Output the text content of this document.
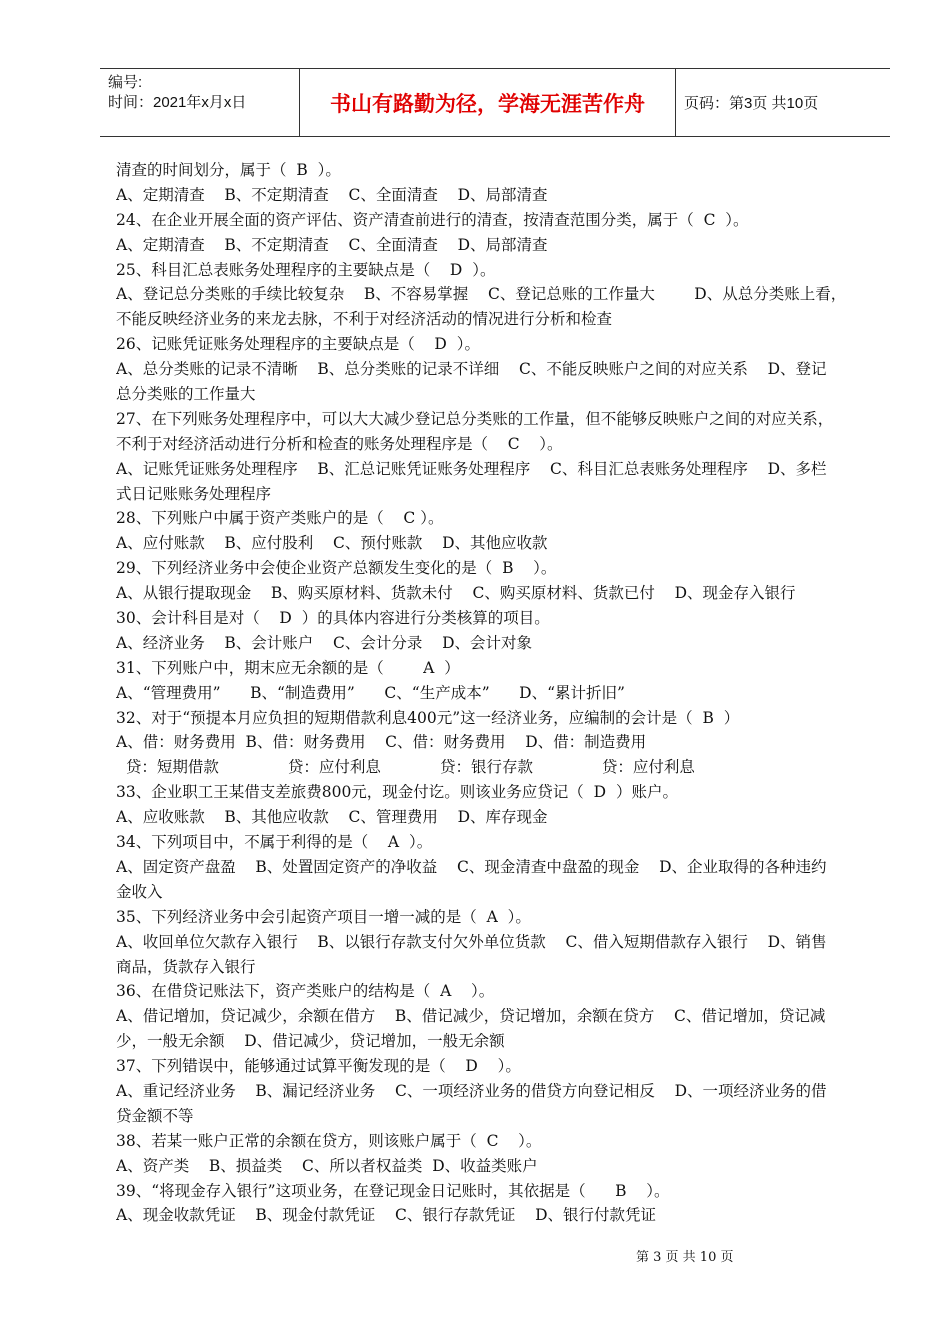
编号:
时间：2021年x月x日	书山有路勤为径，学海无涯苦作舟	页码：第3页 共10页
清查的时间划分，属于（  B  ）。
A、定期清查    B、不定期清查    C、全面清查    D、局部清查
24、在企业开展全面的资产评估、资产清查前进行的清查，按清查范围分类，属于（  C  ）。
A、定期清查    B、不定期清查    C、全面清查    D、局部清查
25、科目汇总表账务处理程序的主要缺点是（    D  ）。
A、登记总分类账的手续比较复杂    B、不容易掌握    C、登记总账的工作量大        D、从总分类账上看，
不能反映经济业务的来龙去脉，不利于对经济活动的情况进行分析和检查
26、记账凭证账务处理程序的主要缺点是（    D  ）。
A、总分类账的记录不清晰    B、总分类账的记录不详细    C、不能反映账户之间的对应关系    D、登记
总分类账的工作量大
27、在下列账务处理程序中，可以大大减少登记总分类账的工作量，但不能够反映账户之间的对应关系，
不利于对经济活动进行分析和检查的账务处理程序是（    C    ）。
A、记账凭证账务处理程序    B、汇总记账凭证账务处理程序    C、科目汇总表账务处理程序    D、多栏
式日记账账务处理程序
28、下列账户中属于资产类账户的是（    C ）。
A、应付账款    B、应付股利    C、预付账款    D、其他应收款
29、下列经济业务中会使企业资产总额发生变化的是（  B    ）。
A、从银行提取现金    B、购买原材料、货款未付    C、购买原材料、货款已付    D、现金存入银行
30、会计科目是对（    D  ）的具体内容进行分类核算的项目。
A、经济业务    B、会计账户    C、会计分录    D、会计对象
31、下列账户中，期末应无余额的是（        A  ）
A、“管理费用”      B、“制造费用”      C、“生产成本”      D、“累计折旧”
32、对于“预提本月应负担的短期借款利息400元”这一经济业务，应编制的会计是（  B  ）
A、借：财务费用  B、借：财务费用    C、借：财务费用    D、借：制造费用
贷：短期借款              贷：应付利息            贷：银行存款              贷：应付利息
33、企业职工王某借支差旅费800元，现金付讫。则该业务应贷记（  D  ）账户。
A、应收账款    B、其他应收款    C、管理费用    D、库存现金
34、下列项目中，不属于利得的是（    A  ）。
A、固定资产盘盈    B、处置固定资产的净收益    C、现金清查中盘盈的现金    D、企业取得的各种违约
金收入
35、下列经济业务中会引起资产项目一增一减的是（  A  ）。
A、收回单位欠款存入银行    B、以银行存款支付欠外单位货款    C、借入短期借款存入银行    D、销售
商品，货款存入银行
36、在借贷记账法下，资产类账户的结构是（  A    ）。
A、借记增加，贷记减少，余额在借方    B、借记减少，贷记增加，余额在贷方    C、借记增加，贷记减
少，一般无余额    D、借记减少，贷记增加，一般无余额
37、下列错误中，能够通过试算平衡发现的是（    D    ）。
A、重记经济业务    B、漏记经济业务    C、一项经济业务的借贷方向登记相反    D、一项经济业务的借
贷金额不等
38、若某一账户正常的余额在贷方，则该账户属于（  C    ）。
A、资产类    B、损益类    C、所以者权益类  D、收益类账户
39、“将现金存入银行”这项业务，在登记现金日记账时，其依据是（      B    ）。
A、现金收款凭证    B、现金付款凭证    C、银行存款凭证    D、银行付款凭证
第 3 页 共 10 页
